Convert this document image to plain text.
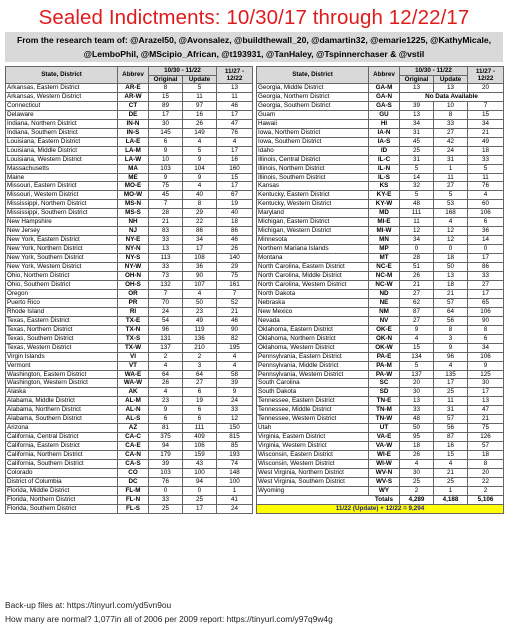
Sealed Indictments: 10/30/17 through 12/22/17
From the research team of: @Arazel50, @Avonsalez, @buildthewall_20, @damartin32, @emarie1225, @KathyMicale,
@LemboPhil, @MScipio_African, @t193931, @TanHaley, @Tspinnerchaser & @vstil
State, District	Abbrev	10/30 - 11/22		11/27 - 12/22
		Original	Update	
Arkansas, Eastern District	AR-E	8	5	13
Arkansas, Western District	AR-W	15	11	11
Connecticut	CT	89	97	46
Delaware	DE	17	16	17
Indiana, Northern District	IN-N	30	26	47
Indiana, Southern District	IN-S	145	149	76
Louisiana, Eastern District	LA-E	6	4	4
Louisiana, Middle District	LA-M	9	5	17
Louisiana, Western District	LA-W	10	9	16
Massachusetts	MA	103	104	160
Maine	ME	9	9	15
Missouri, Eastern District	MO-E	75	4	17
Missouri, Western District	MO-W	45	40	67
Mississippi, Northern District	MS-N	7	8	19
Mississippi, Southern District	MS-S	28	29	40
New Hampshire	NH	21	22	18
New Jersey	NJ	83	86	86
New York, Eastern District	NY-E	33	34	46
New York, Northern District	NY-N	13	17	26
New York, Southern District	NY-S	113	108	140
New York, Western District	NY-W	33	36	29
Ohio, Northern District	OH-N	73	90	75
Ohio, Southern District	OH-S	132	107	161
Oregon	OR	7	4	7
Puerto Rico	PR	70	50	52
Rhode Island	RI	24	23	21
Texas, Eastern District	TX-E	54	49	46
Texas, Northern District	TX-N	96	119	90
Texas, Southern District	TX-S	131	136	82
Texas, Western District	TX-W	137	210	195
Virgin Islands	VI	2	2	4
Vermont	VT	4	3	4
Washington, Eastern District	WA-E	64	64	58
Washington, Western District	WA-W	26	27	39
Alaska	AK	4	6	9
Alabama, Middle District	AL-M	23	19	24
Alabama, Northern District	AL-N	9	6	33
Alabama, Southern District	AL-S	6	6	12
Arizona	AZ	81	111	150
California, Central District	CA-C	375	409	815
California, Eastern District	CA-E	94	106	85
California, Northern District	CA-N	179	159	193
California, Southern District	CA-S	39	43	74
Colorado	CO	103	100	148
District of Columbia	DC	76	94	100
Florida, Middle District	FL-M	0	0	1
Florida, Northern District	FL-N	33	25	41
Florida, Southern District	FL-S	25	17	24
State, District	Abbrev	10/30 - 11/22		11/27 - 12/22
		Original	Update	
Georgia, Middle District	GA-M	13	13	20
Georgia, Northern District	GA-N	No Data Available		
Georgia, Southern District	GA-S	39	10	7
Guam	GU	13	8	15
Hawaii	HI	34	33	34
Iowa, Northern District	IA-N	31	27	21
Iowa, Southern District	IA-S	45	42	49
Idaho	ID	25	24	18
Illinois, Central District	IL-C	31	31	33
Illinois, Northern District	IL-N	5	1	5
Illinois, Southern District	IL-S	14	11	11
Kansas	KS	32	27	76
Kentucky, Eastern District	KY-E	5	5	4
Kentucky, Western District	KY-W	48	53	60
Maryland	MD	111	168	106
Michigan, Eastern District	MI-E	11	4	6
Michigan, Western District	MI-W	12	12	36
Minnesota	MN	34	12	14
Northern Mariana Islands	MP	0	0	0
Montana	MT	28	18	17
North Carolina, Eastern District	NC-E	51	50	86
North Carolina, Middle District	NC-M	26	13	33
North Carolina, Western District	NC-W	21	18	27
North Dakota	ND	27	21	17
Nebraska	NE	62	57	65
New Mexico	NM	87	64	106
Nevada	NV	27	56	90
Oklahoma, Eastern District	OK-E	9	8	8
Oklahoma, Northern District	OK-N	4	3	6
Oklahoma, Western District	OK-W	15	9	34
Pennsylvania, Eastern District	PA-E	134	96	106
Pennsylvania, Middle District	PA-M	5	4	9
Pennsylvania, Western District	PA-W	137	135	125
South Carolina	SC	20	17	30
South Dakota	SD	30	25	17
Tennessee, Eastern District	TN-E	13	11	13
Tennessee, Middle District	TN-M	33	31	47
Tennessee, Western District	TN-W	48	57	21
Utah	UT	50	56	75
Virginia, Eastern District	VA-E	95	87	126
Virginia, Western District	VA-W	18	16	57
Wisconsin, Eastern District	WI-E	26	15	18
Wisconsin, Western District	WI-W	4	4	8
West Virginia, Northern District	WV-N	30	21	20
West Virginia, Southern District	WV-S	25	25	22
Wyoming	WY	2	1	2
Totals		4,289	4,188	5,106
11/22 (Update) + 12/22 = 9,294				
Back-up files at: https://tinyurl.com/yd5vn9ou
How many are normal? 1,077in all of 2006 per 2009 report: https://tinyurl.com/y97q9w4g
